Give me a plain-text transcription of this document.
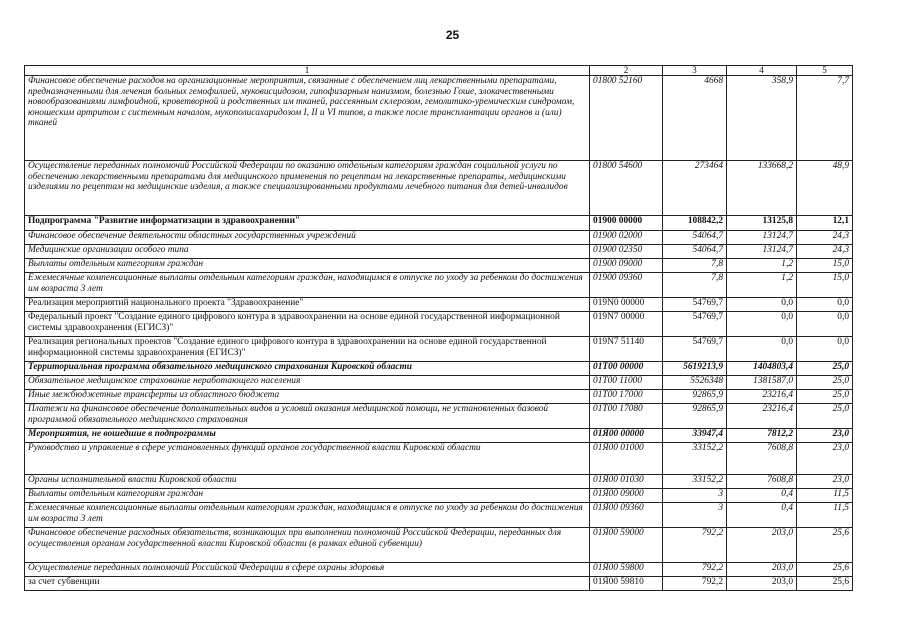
25
1	2	3	4	5
Финансовое обеспечение расходов на организационные мероприятия, связанные с обеспечением лиц лекарственными препаратами, предназначенными для лечения больных гемофилией, муковисцидозом, гипофизарным нанизмом, болезнью Гоше, злокачественными новообразованиями лимфоидной, кроветворной и родственных им тканей, рассеянным склерозом, гемолитико-уремическим синдромом, юношеским артритом с системным началом, мукополисахаридозом I, II и VI типов, а также после трансплантации органов и (или) тканей	01800 52160	4668	358,9	7,7
Осуществление переданных полномочий Российской Федерации по оказанию отдельным категориям граждан социальной услуги по обеспечению лекарственными препаратами для медицинского применения по рецептам на лекарственные препараты, медицинскими изделиями по рецептам на медицинские изделия, а также специализированными продуктами лечебного питания для детей-инвалидов	01800 54600	273464	133668,2	48,9
Подпрограмма "Развитие информатизации в здравоохранении"	01900 00000	108842,2	13125,8	12,1
Финансовое обеспечение деятельности областных государственных учреждений	01900 02000	54064,7	13124,7	24,3
Медицинские организации особого типа	01900 02350	54064,7	13124,7	24,3
Выплаты отдельным категориям граждан	01900 09000	7,8	1,2	15,0
Ежемесячные компенсационные выплаты отдельным категориям граждан, находящимся в отпуске по уходу за ребенком до достижения им возраста 3 лет	01900 09360	7,8	1,2	15,0
Реализация мероприятий национального проекта "Здравоохранение"	019N0 00000	54769,7	0,0	0,0
Федеральный проект "Создание единого цифрового контура в здравоохранении на основе единой государственной информационной системы здравоохранения (ЕГИСЗ)"	019N7 00000	54769,7	0,0	0,0
Реализация региональных проектов "Создание единого цифрового контура в здравоохранении на основе единой государственной информационной системы здравоохранения (ЕГИСЗ)"	019N7 51140	54769,7	0,0	0,0
Территориальная программа обязательного медицинского страхования Кировской области	01Т00 00000	5619213,9	1404803,4	25,0
Обязательное медицинское страхование неработающего населения	01Т00 11000	5526348	1381587,0	25,0
Иные межбюджетные трансферты из областного бюджета	01Т00 17000	92865,9	23216,4	25,0
Платежи на финансовое обеспечение дополнительных видов и условий оказания медицинской помощи, не установленных базовой программой обязательного медицинского страхования	01Т00 17080	92865,9	23216,4	25,0
Мероприятия, не вошедшие в подпрограммы	01Я00 00000	33947,4	7812,2	23,0
Руководство и управление в сфере установленных функций органов государственной власти Кировской области	01Я00 01000	33152,2	7608,8	23,0
Органы исполнительной власти Кировской области	01Я00 01030	33152,2	7608,8	23,0
Выплаты отдельным категориям граждан	01Я00 09000	3	0,4	11,5
Ежемесячные компенсационные выплаты отдельным категориям граждан, находящимся в отпуске по уходу за ребенком до достижения им возраста 3 лет	01Я00 09360	3	0,4	11,5
Финансовое обеспечение расходных обязательств, возникающих при выполнении полномочий Российской Федерации, переданных для осуществления органам государственной власти Кировской области (в рамках единой субвенции)	01Я00 59000	792,2	203,0	25,6
Осуществление переданных полномочий Российской Федерации в сфере охраны здоровья	01Я00 59800	792,2	203,0	25,6
за счет субвенции	01Я00 59810	792,2	203,0	25,6
